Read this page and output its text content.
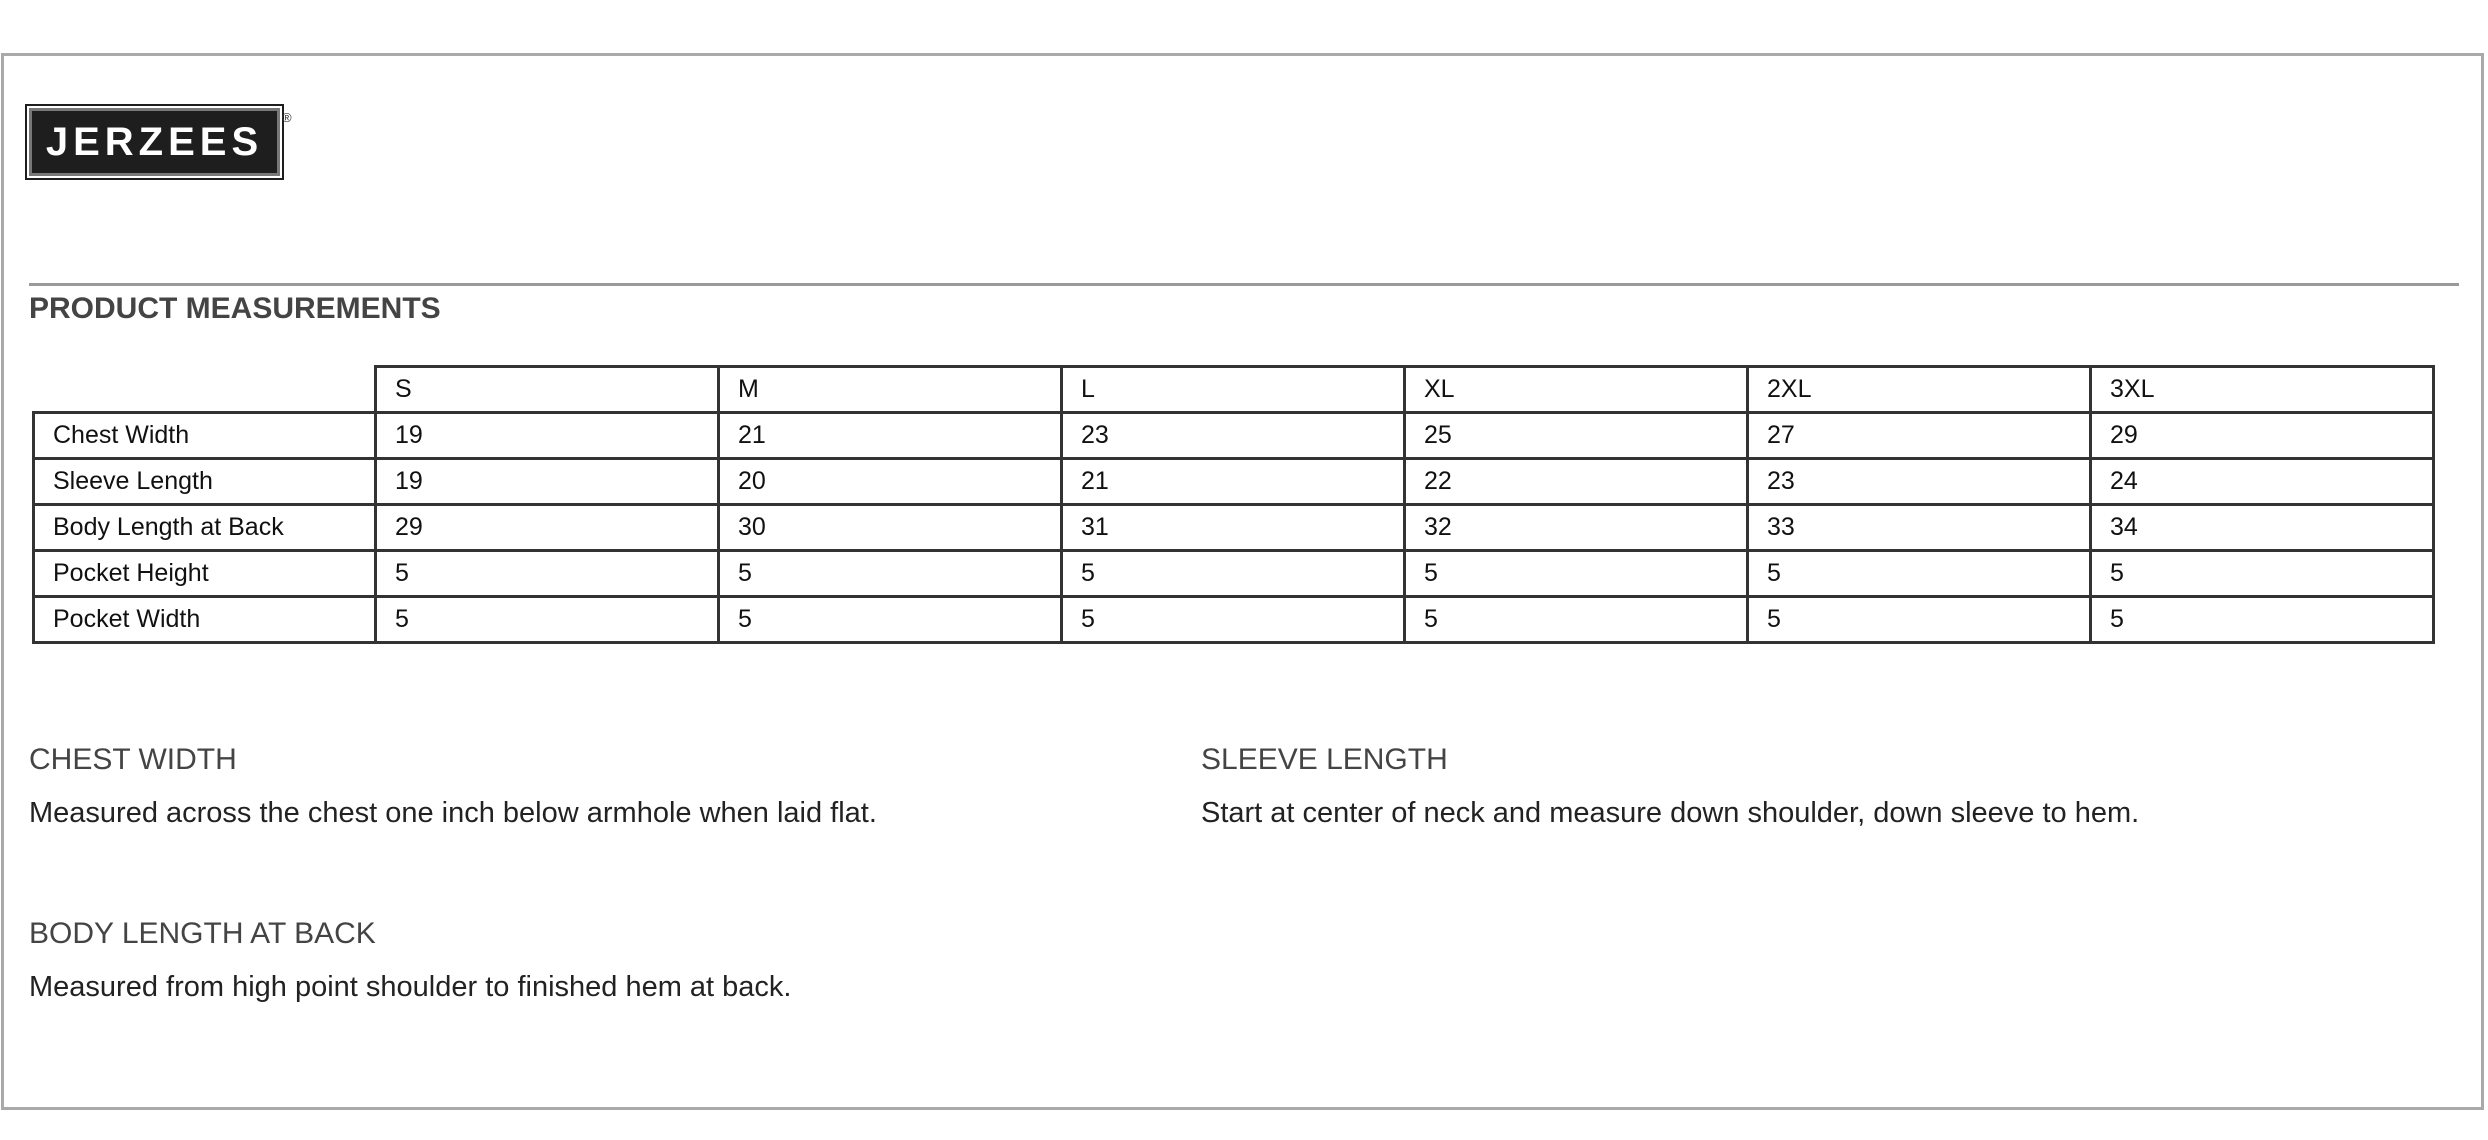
JERZEES
®
PRODUCT MEASUREMENTS
	S	M	L	XL	2XL	3XL
Chest Width	19	21	23	25	27	29
Sleeve Length	19	20	21	22	23	24
Body Length at Back	29	30	31	32	33	34
Pocket Height	5	5	5	5	5	5
Pocket Width	5	5	5	5	5	5
CHEST WIDTH
Measured across the chest one inch below armhole when laid flat.
SLEEVE LENGTH
Start at center of neck and measure down shoulder, down sleeve to hem.
BODY LENGTH AT BACK
Measured from high point shoulder to finished hem at back.
